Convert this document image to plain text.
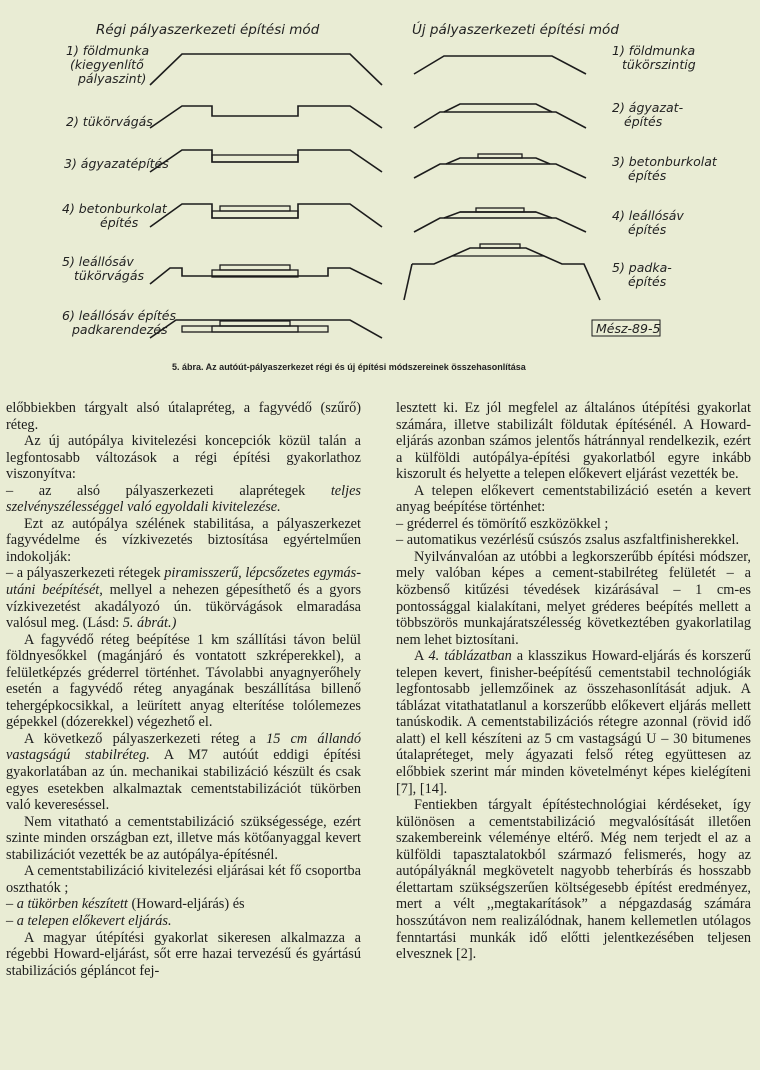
Régi pályaszerkezeti építési mód	Új pályaszerkezeti építési mód
1) földmunka
(kiegyenlítő
pályaszint)
2) tükörvágás
3) ágyazatépítés
4) betonburkolat
építés
5) leállósáv
tükörvágás
6) leállósáv építés
padkarendezés
1) földmunka
tükörszintig
2) ágyazat-
építés
3) betonburkolat
építés
4) leállósáv
építés
5) padka-
építés
Mész-89-5
5. ábra. Az autóút-pályaszerkezet régi és új építési módszereinek összehasonlítása

előbbiekben tárgyalt alsó útalapréteg, a fagyvédő (szűrő) réteg.

Az új autópálya kivitelezési koncepciók közül talán a legfontosabb változások a régi építési gyakorlathoz viszonyítva:

– az alsó pályaszerkezeti alaprétegek teljes szelvényszélességgel való egyoldali kivitelezése.

Ezt az autópálya szélének stabilitása, a pályaszerkezet fagyvédelme és vízkivezetés biztosítása egyértelműen indokolják:

– a pályaszerkezeti rétegek piramisszerű, lépcsőzetes egymás-utáni beépítését, mellyel a nehezen gépesíthető és a gyors vízkivezetést akadályozó ún. tükörvágások elmaradása valósul meg. (Lásd: 5. ábrát.)

A fagyvédő réteg beépítése 1 km szállítási távon belül földnyesőkkel (magánjáró és vontatott szkréperekkel), a felületképzés gréderrel történhet. Távolabbi anyagnyerőhely esetén a fagyvédő réteg anyagának beszállítása billenő tehergépkocsikkal, a leürített anyag elterítése tolólemezes gépekkel (dózerekkel) végezhető el.

A következő pályaszerkezeti réteg a 15 cm állandó vastagságú stabilréteg. A M7 autóút eddigi építési gyakorlatában az ún. mechanikai stabilizáció készült és csak egyes esetekben alkalmaztak cementstabilizációt tükörben való kevereséssel.

Nem vitatható a cementstabilizáció szükségessége, ezért szinte minden országban ezt, illetve más kötőanyaggal kevert stabilizációt vezették be az autópálya-építésnél.

A cementstabilizáció kivitelezési eljárásai két fő csoportba oszthatók ;

– a tükörben készített (Howard-eljárás) és

– a telepen előkevert eljárás.

A magyar útépítési gyakorlat sikeresen alkalmazza a régebbi Howard-eljárást, sőt erre hazai tervezésű és gyártású stabilizációs gépláncot fej-

lesztett ki. Ez jól megfelel az általános útépítési gyakorlat számára, illetve stabilizált földutak építésénél. A Howard-eljárás azonban számos jelentős hátránnyal rendelkezik, ezért a külföldi autópálya-építési gyakorlatból egyre inkább kiszorult és helyette a telepen előkevert eljárást vezették be.

A telepen előkevert cementstabilizáció esetén a kevert anyag beépítése történhet:

– gréderrel és tömörítő eszközökkel ;

– automatikus vezérlésű csúszós zsalus aszfaltfinisherekkel.

Nyilvánvalóan az utóbbi a legkorszerűbb építési módszer, mely valóban képes a cement-stabilréteg felületét – a közbenső kitűzési tévedések kizárásával – 1 cm-es pontossággal kialakítani, melyet gréderes beépítés mellett a többszörös munkajáratszélesség következtében gyakorlatilag nem lehet biztosítani.

A 4. táblázatban a klasszikus Howard-eljárás és korszerű telepen kevert, finisher-beépítésű cementstabil technológiák legfontosabb jellemzőinek az összehasonlítását adjuk. A táblázat vitathatatlanul a korszerűbb előkevert eljárás mellett tanúskodik. A cementstabilizációs rétegre azonnal (rövid idő alatt) el kell készíteni az 5 cm vastagságú U – 30 bitumenes útalapréteget, mely ágyazati felső réteg együttesen az előbbiek szerint már minden követelményt képes kielégíteni [7], [14].

Fentiekben tárgyalt építéstechnológiai kérdéseket, így különösen a cementstabilizáció megvalósítását illetően szakembereink véleménye eltérő. Még nem terjedt el az a külföldi tapasztalatokból származó felismerés, hogy az autópályáknál megkövetelt nagyobb teherbírás és hosszabb élettartam szükségszerűen költségesebb építést eredményez, mert a vélt ,,megtakarítások” a népgazdaság számára hosszútávon nem realizálódnak, hanem kellemetlen utólagos fenntartási munkák idő előtti jelentkezésében teljesen elvesznek [2].
